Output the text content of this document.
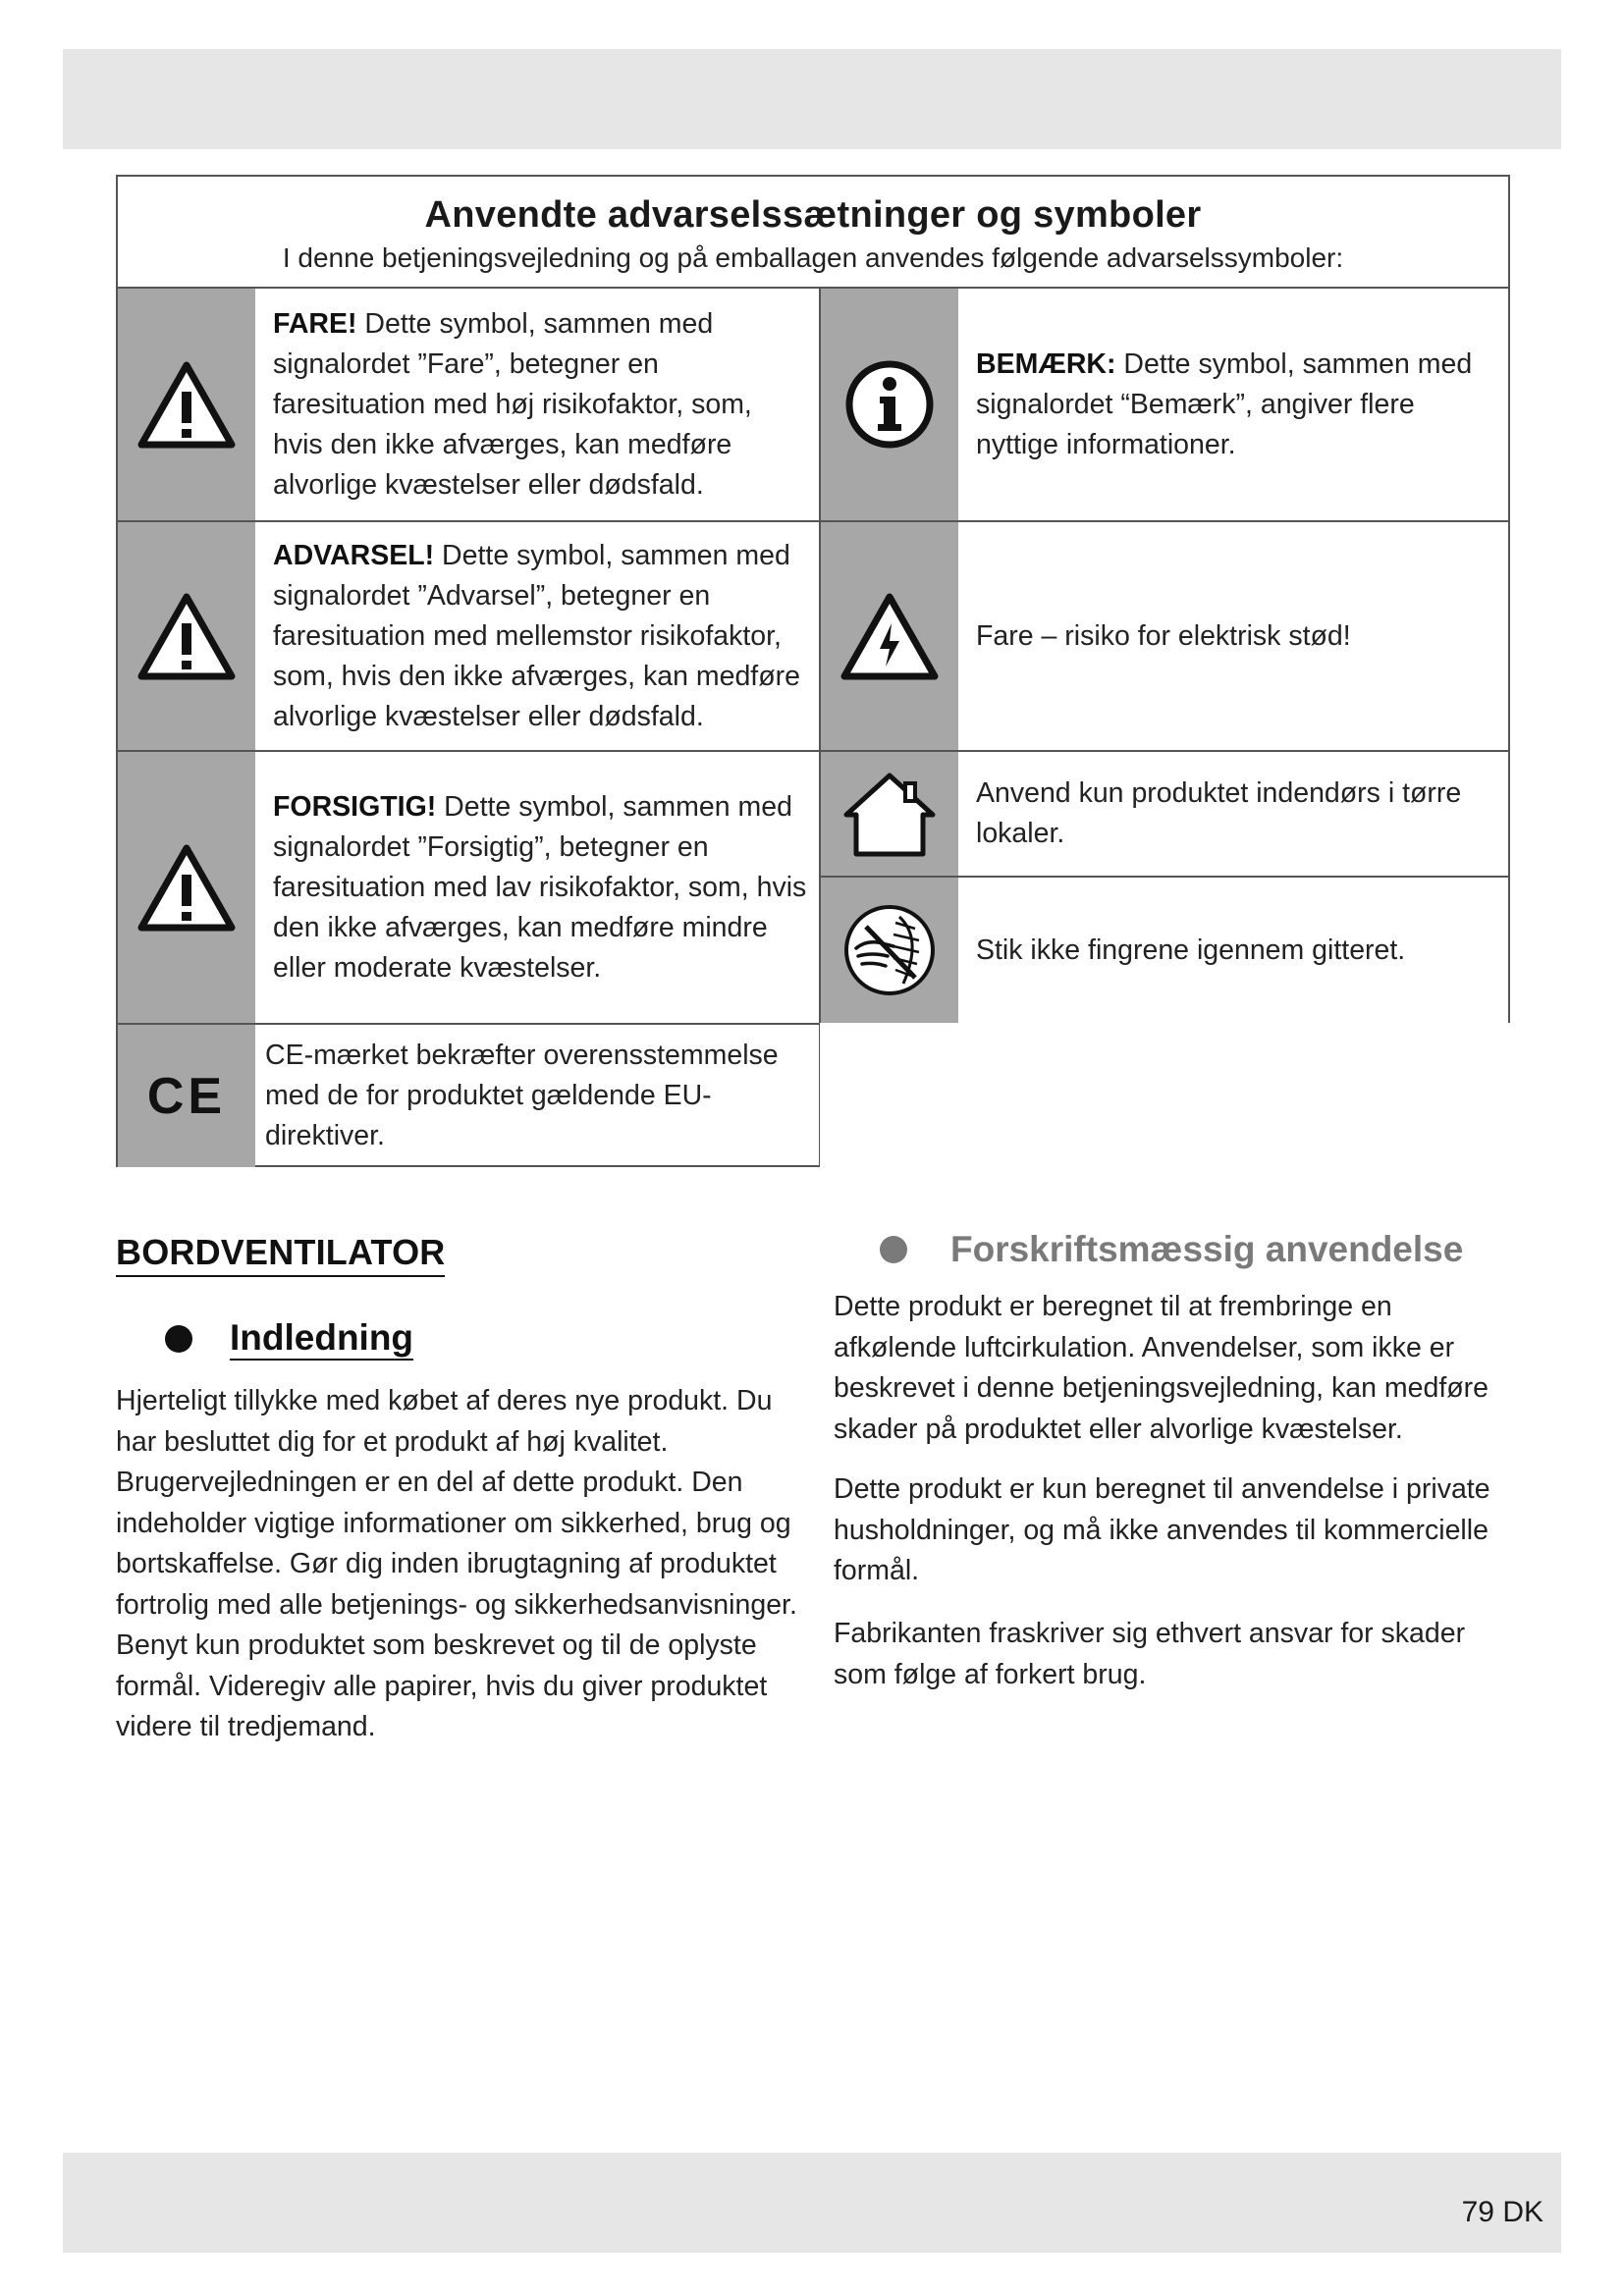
Anvendte advarselssætninger og symboler
I denne betjeningsvejledning og på emballagen anvendes følgende advarselssymboler:
FARE! Dette symbol, sammen med signalordet ”Fare”, betegner en faresituation med høj risikofaktor, som, hvis den ikke afværges, kan medføre alvorlige kvæstelser eller dødsfald.
ADVARSEL! Dette symbol, sammen med signalordet ”Advarsel”, betegner en faresituation med mellemstor risikofaktor, som, hvis den ikke afværges, kan medføre alvorlige kvæstelser eller dødsfald.
FORSIGTIG! Dette symbol, sammen med signalordet ”Forsigtig”, betegner en faresituation med lav risikofaktor, som, hvis den ikke afværges, kan medføre mindre eller moderate kvæstelser.
CE
CE-mærket bekræfter overensstemmelse med de for produktet gældende EU-direktiver.
BEMÆRK: Dette symbol, sammen med signalordet “Bemærk”, angiver flere nyttige informationer.
Fare – risiko for elektrisk stød!
Anvend kun produktet indendørs i tørre lokaler.
Stik ikke fingrene igennem gitteret.
BORDVENTILATOR
Indledning
Hjerteligt tillykke med købet af deres nye produkt. Du har besluttet dig for et produkt af høj kvalitet. Brugervejledningen er en del af dette produkt. Den indeholder vigtige informationer om sikkerhed, brug og bortskaffelse. Gør dig inden ibrugtagning af produktet fortrolig med alle betjenings- og sikkerhedsanvisninger. Benyt kun produktet som beskrevet og til de oplyste formål. Videregiv alle papirer, hvis du giver produktet videre til tredjemand.
Forskriftsmæssig anvendelse
Dette produkt er beregnet til at frembringe en afkølende luftcirkulation. Anvendelser, som ikke er beskrevet i denne betjeningsvejledning, kan medføre skader på produktet eller alvorlige kvæstelser.
Dette produkt er kun beregnet til anvendelse i private husholdninger, og må ikke anvendes til kommercielle formål.
Fabrikanten fraskriver sig ethvert ansvar for skader som følge af forkert brug.
79 DK
